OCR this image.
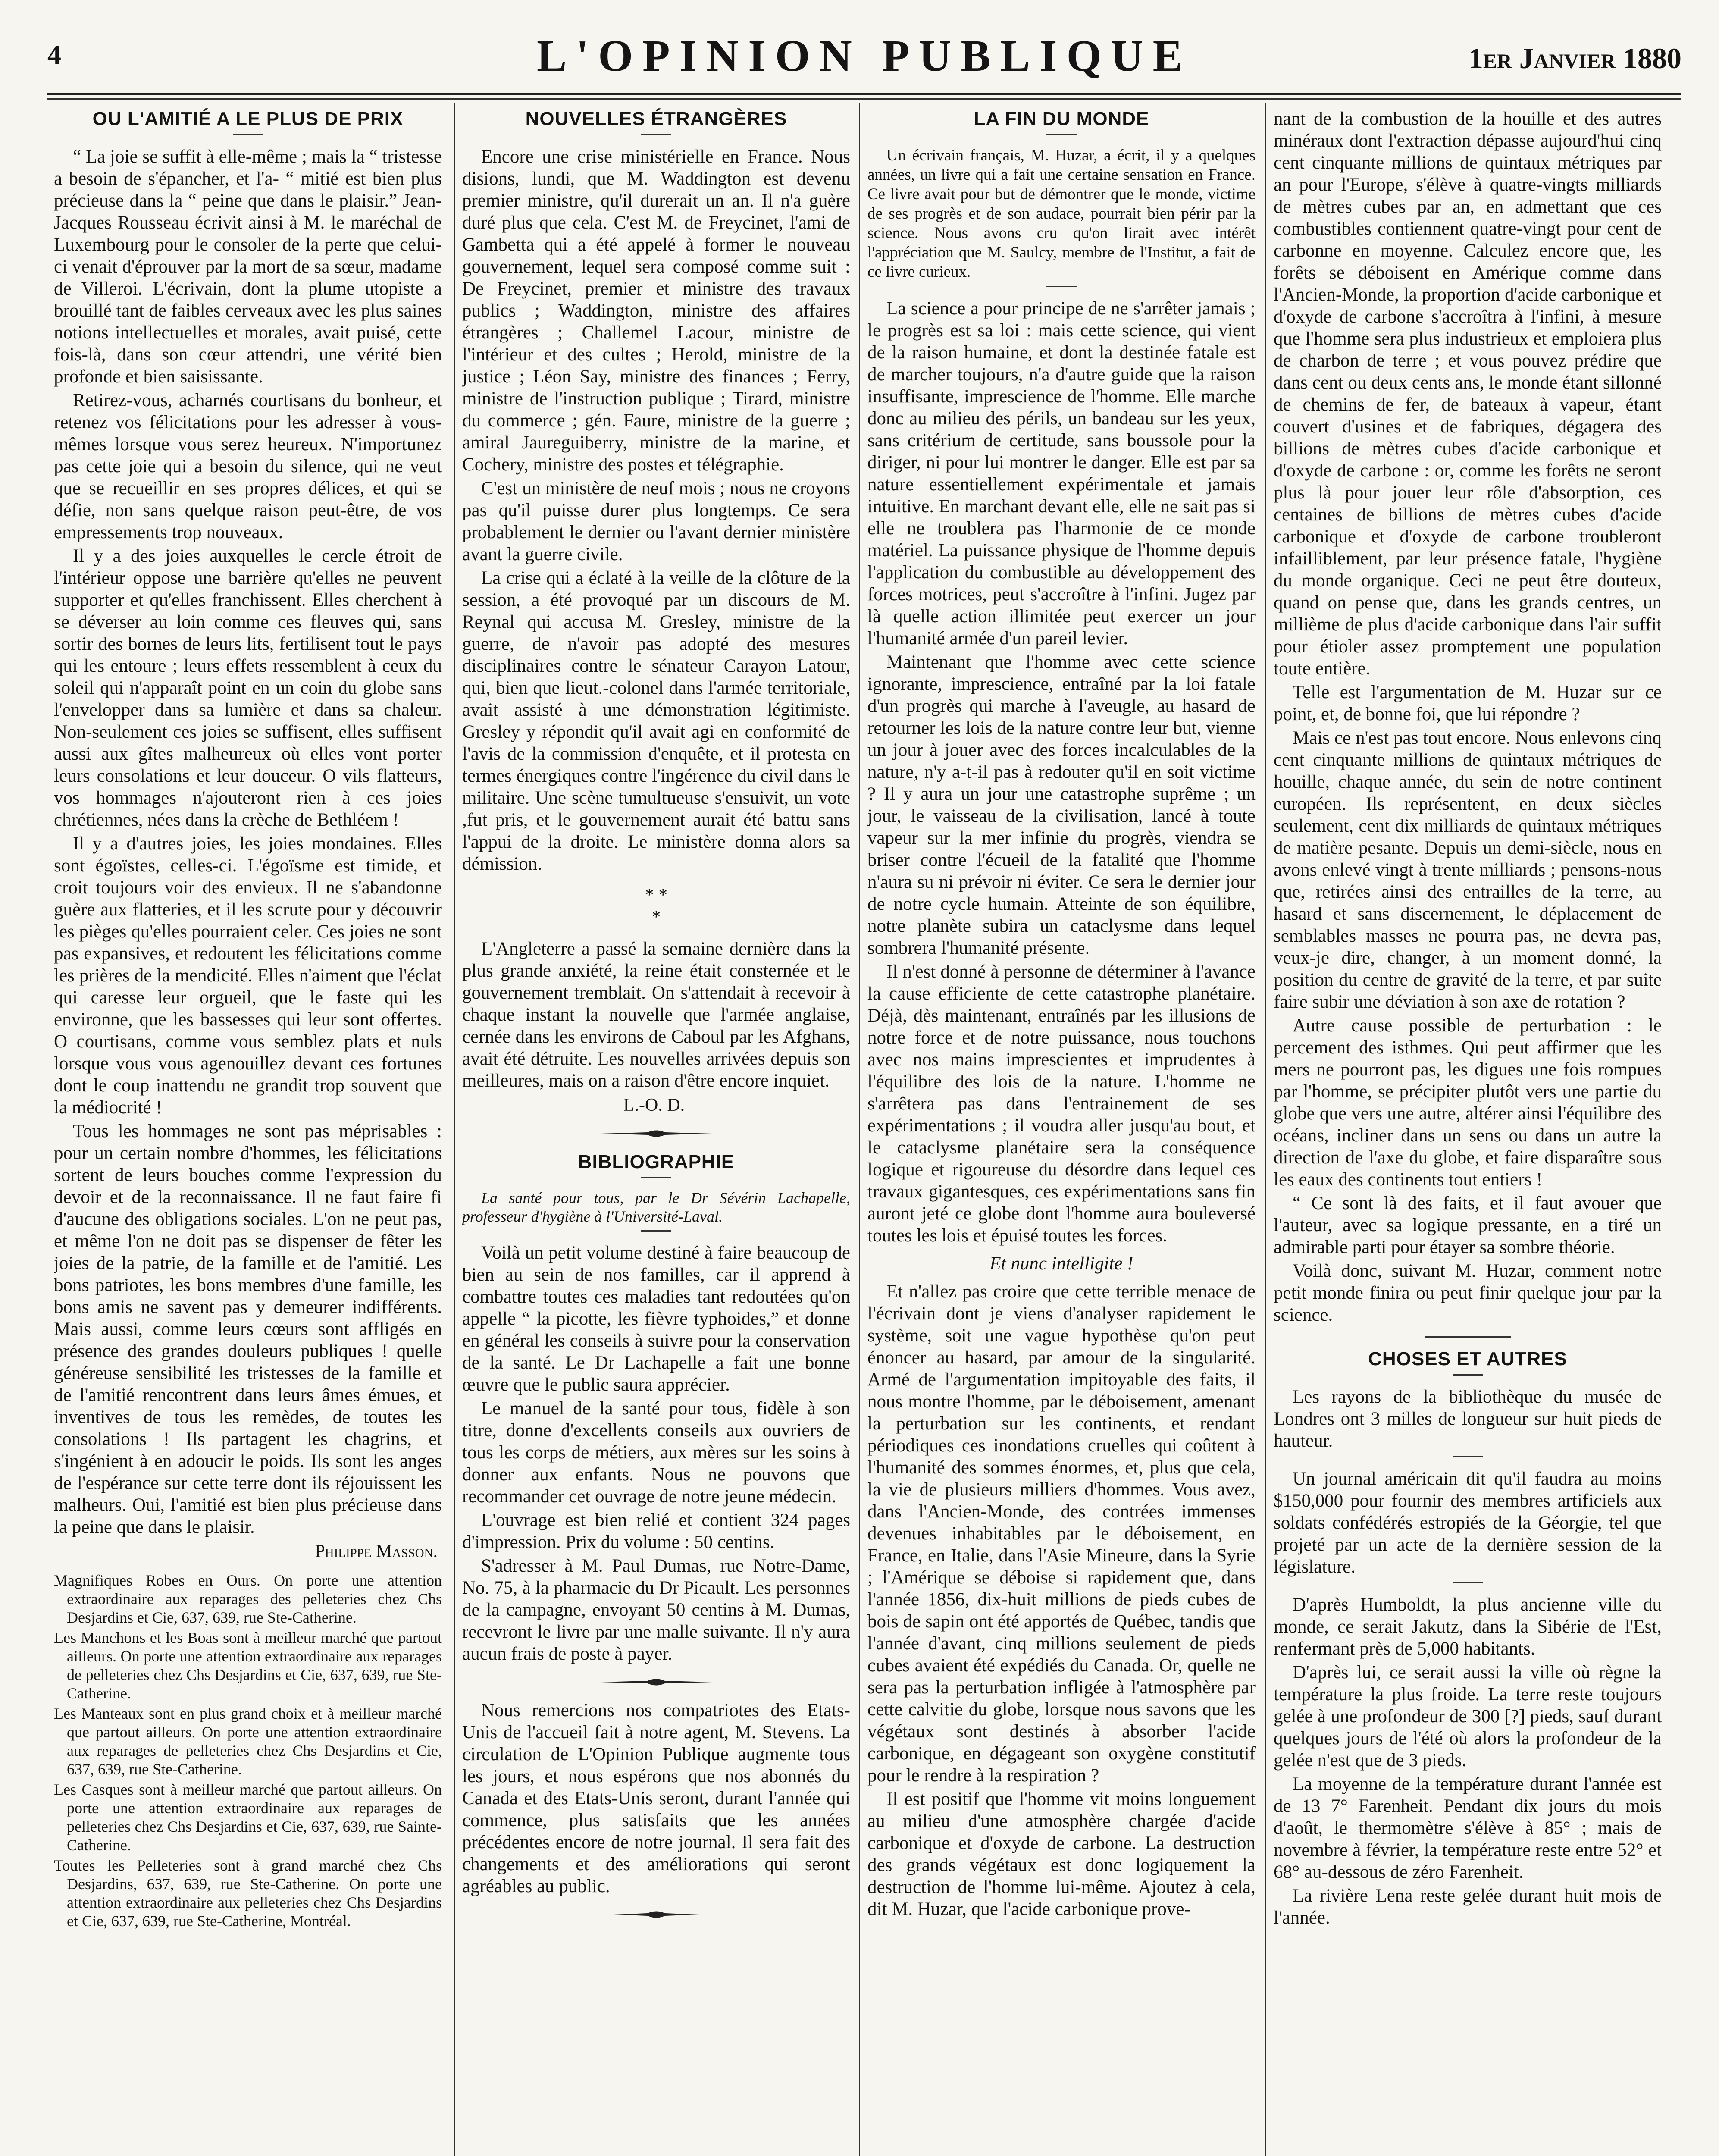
4	L'OPINION PUBLIQUE	1er Janvier 1880
OU L'AMITIÉ A LE PLUS DE PRIX

“ La joie se suffit à elle-même ; mais la “ tristesse a besoin de s'épancher, et l'a- “ mitié est bien plus précieuse dans la “ peine que dans le plaisir.” Jean-Jacques Rousseau écrivit ainsi à M. le maréchal de Luxembourg pour le consoler de la perte que celui-ci venait d'éprouver par la mort de sa sœur, madame de Villeroi. L'écrivain, dont la plume utopiste a brouillé tant de faibles cerveaux avec les plus saines notions intellectuelles et morales, avait puisé, cette fois-là, dans son cœur attendri, une vérité bien profonde et bien saisissante.

Retirez-vous, acharnés courtisans du bonheur, et retenez vos félicitations pour les adresser à vous-mêmes lorsque vous serez heureux. N'importunez pas cette joie qui a besoin du silence, qui ne veut que se recueillir en ses propres délices, et qui se défie, non sans quelque raison peut-être, de vos empressements trop nouveaux.

Il y a des joies auxquelles le cercle étroit de l'intérieur oppose une barrière qu'elles ne peuvent supporter et qu'elles franchissent. Elles cherchent à se déverser au loin comme ces fleuves qui, sans sortir des bornes de leurs lits, fertilisent tout le pays qui les entoure ; leurs effets ressemblent à ceux du soleil qui n'apparaît point en un coin du globe sans l'envelopper dans sa lumière et dans sa chaleur. Non-seulement ces joies se suffisent, elles suffisent aussi aux gîtes malheureux où elles vont porter leurs consolations et leur douceur. O vils flatteurs, vos hommages n'ajouteront rien à ces joies chrétiennes, nées dans la crèche de Bethléem !

Il y a d'autres joies, les joies mondaines. Elles sont égoïstes, celles-ci. L'égoïsme est timide, et croit toujours voir des envieux. Il ne s'abandonne guère aux flatteries, et il les scrute pour y découvrir les pièges qu'elles pourraient celer. Ces joies ne sont pas expansives, et redoutent les félicitations comme les prières de la mendicité. Elles n'aiment que l'éclat qui caresse leur orgueil, que le faste qui les environne, que les bassesses qui leur sont offertes. O courtisans, comme vous semblez plats et nuls lorsque vous vous agenouillez devant ces fortunes dont le coup inattendu ne grandit trop souvent que la médiocrité !

Tous les hommages ne sont pas méprisables : pour un certain nombre d'hommes, les félicitations sortent de leurs bouches comme l'expression du devoir et de la reconnaissance. Il ne faut faire fi d'aucune des obligations sociales. L'on ne peut pas, et même l'on ne doit pas se dispenser de fêter les joies de la patrie, de la famille et de l'amitié. Les bons patriotes, les bons membres d'une famille, les bons amis ne savent pas y demeurer indifférents. Mais aussi, comme leurs cœurs sont affligés en présence des grandes douleurs publiques ! quelle généreuse sensibilité les tristesses de la famille et de l'amitié rencontrent dans leurs âmes émues, et inventives de tous les remèdes, de toutes les consolations ! Ils partagent les chagrins, et s'ingénient à en adoucir le poids. Ils sont les anges de l'espérance sur cette terre dont ils réjouissent les malheurs. Oui, l'amitié est bien plus précieuse dans la peine que dans le plaisir.

Philippe Masson.

Magnifiques Robes en Ours. On porte une attention extraordinaire aux reparages des pelleteries chez Chs Desjardins et Cie, 637, 639, rue Ste-Catherine.

Les Manchons et les Boas sont à meilleur marché que partout ailleurs. On porte une attention extraordinaire aux reparages de pelleteries chez Chs Desjardins et Cie, 637, 639, rue Ste-Catherine.

Les Manteaux sont en plus grand choix et à meilleur marché que partout ailleurs. On porte une attention extraordinaire aux reparages de pelleteries chez Chs Desjardins et Cie, 637, 639, rue Ste-Catherine.

Les Casques sont à meilleur marché que partout ailleurs. On porte une attention extraordinaire aux reparages de pelleteries chez Chs Desjardins et Cie, 637, 639, rue Sainte-Catherine.

Toutes les Pelleteries sont à grand marché chez Chs Desjardins, 637, 639, rue Ste-Catherine. On porte une attention extraordinaire aux pelleteries chez Chs Desjardins et Cie, 637, 639, rue Ste-Catherine, Montréal.

NOUVELLES ÉTRANGÈRES

Encore une crise ministérielle en France. Nous disions, lundi, que M. Waddington est devenu premier ministre, qu'il durerait un an. Il n'a guère duré plus que cela. C'est M. de Freycinet, l'ami de Gambetta qui a été appelé à former le nouveau gouvernement, lequel sera composé comme suit : De Freycinet, premier et ministre des travaux publics ; Waddington, ministre des affaires étrangères ; Challemel Lacour, ministre de l'intérieur et des cultes ; Herold, ministre de la justice ; Léon Say, ministre des finances ; Ferry, ministre de l'instruction publique ; Tirard, ministre du commerce ; gén. Faure, ministre de la guerre ; amiral Jaureguiberry, ministre de la marine, et Cochery, ministre des postes et télégraphie.

C'est un ministère de neuf mois ; nous ne croyons pas qu'il puisse durer plus longtemps. Ce sera probablement le dernier ou l'avant dernier ministère avant la guerre civile.

La crise qui a éclaté à la veille de la clôture de la session, a été provoqué par un discours de M. Reynal qui accusa M. Gresley, ministre de la guerre, de n'avoir pas adopté des mesures disciplinaires contre le sénateur Carayon Latour, qui, bien que lieut.-colonel dans l'armée territoriale, avait assisté à une démonstration légitimiste. Gresley y répondit qu'il avait agi en conformité de l'avis de la commission d'enquête, et il protesta en termes énergiques contre l'ingérence du civil dans le militaire. Une scène tumultueuse s'ensuivit, un vote ,fut pris, et le gouvernement aurait été battu sans l'appui de la droite. Le ministère donna alors sa démission.

* *
*

L'Angleterre a passé la semaine dernière dans la plus grande anxiété, la reine était consternée et le gouvernement tremblait. On s'attendait à recevoir à chaque instant la nouvelle que l'armée anglaise, cernée dans les environs de Caboul par les Afghans, avait été détruite. Les nouvelles arrivées depuis son meilleures, mais on a raison d'être encore inquiet.

L.-O. D.

BIBLIOGRAPHIE

La santé pour tous, par le Dr Sévérin Lachapelle, professeur d'hygiène à l'Université-Laval.

Voilà un petit volume destiné à faire beaucoup de bien au sein de nos familles, car il apprend à combattre toutes ces maladies tant redoutées qu'on appelle “ la picotte, les fièvre typhoides,” et donne en général les conseils à suivre pour la conservation de la santé. Le Dr Lachapelle a fait une bonne œuvre que le public saura apprécier.

Le manuel de la santé pour tous, fidèle à son titre, donne d'excellents conseils aux ouvriers de tous les corps de métiers, aux mères sur les soins à donner aux enfants. Nous ne pouvons que recommander cet ouvrage de notre jeune médecin.

L'ouvrage est bien relié et contient 324 pages d'impression. Prix du volume : 50 centins.

S'adresser à M. Paul Dumas, rue Notre-Dame, No. 75, à la pharmacie du Dr Picault. Les personnes de la campagne, envoyant 50 centins à M. Dumas, recevront le livre par une malle suivante. Il n'y aura aucun frais de poste à payer.

Nous remercions nos compatriotes des Etats-Unis de l'accueil fait à notre agent, M. Stevens. La circulation de L'Opinion Publique augmente tous les jours, et nous espérons que nos abonnés du Canada et des Etats-Unis seront, durant l'année qui commence, plus satisfaits que les années précédentes encore de notre journal. Il sera fait des changements et des améliorations qui seront agréables au public.

LA FIN DU MONDE

Un écrivain français, M. Huzar, a écrit, il y a quelques années, un livre qui a fait une certaine sensation en France. Ce livre avait pour but de démontrer que le monde, victime de ses progrès et de son audace, pourrait bien périr par la science. Nous avons cru qu'on lirait avec intérêt l'appréciation que M. Saulcy, membre de l'Institut, a fait de ce livre curieux.

La science a pour principe de ne s'arrêter jamais ; le progrès est sa loi : mais cette science, qui vient de la raison humaine, et dont la destinée fatale est de marcher toujours, n'a d'autre guide que la raison insuffisante, imprescience de l'homme. Elle marche donc au milieu des périls, un bandeau sur les yeux, sans critérium de certitude, sans boussole pour la diriger, ni pour lui montrer le danger. Elle est par sa nature essentiellement expérimentale et jamais intuitive. En marchant devant elle, elle ne sait pas si elle ne troublera pas l'harmonie de ce monde matériel. La puissance physique de l'homme depuis l'application du combustible au développement des forces motrices, peut s'accroître à l'infini. Jugez par là quelle action illimitée peut exercer un jour l'humanité armée d'un pareil levier.

Maintenant que l'homme avec cette science ignorante, imprescience, entraîné par la loi fatale d'un progrès qui marche à l'aveugle, au hasard de retourner les lois de la nature contre leur but, vienne un jour à jouer avec des forces incalculables de la nature, n'y a-t-il pas à redouter qu'il en soit victime ? Il y aura un jour une catastrophe suprême ; un jour, le vaisseau de la civilisation, lancé à toute vapeur sur la mer infinie du progrès, viendra se briser contre l'écueil de la fatalité que l'homme n'aura su ni prévoir ni éviter. Ce sera le dernier jour de notre cycle humain. Atteinte de son équilibre, notre planète subira un cataclysme dans lequel sombrera l'humanité présente.

Il n'est donné à personne de déterminer à l'avance la cause efficiente de cette catastrophe planétaire. Déjà, dès maintenant, entraînés par les illusions de notre force et de notre puissance, nous touchons avec nos mains imprescientes et imprudentes à l'équilibre des lois de la nature. L'homme ne s'arrêtera pas dans l'entrainement de ses expérimentations ; il voudra aller jusqu'au bout, et le cataclysme planétaire sera la conséquence logique et rigoureuse du désordre dans lequel ces travaux gigantesques, ces expérimentations sans fin auront jeté ce globe dont l'homme aura bouleversé toutes les lois et épuisé toutes les forces.

Et nunc intelligite !

Et n'allez pas croire que cette terrible menace de l'écrivain dont je viens d'analyser rapidement le système, soit une vague hypothèse qu'on peut énoncer au hasard, par amour de la singularité. Armé de l'argumentation impitoyable des faits, il nous montre l'homme, par le déboisement, amenant la perturbation sur les continents, et rendant périodiques ces inondations cruelles qui coûtent à l'humanité des sommes énormes, et, plus que cela, la vie de plusieurs milliers d'hommes. Vous avez, dans l'Ancien-Monde, des contrées immenses devenues inhabitables par le déboisement, en France, en Italie, dans l'Asie Mineure, dans la Syrie ; l'Amérique se déboise si rapidement que, dans l'année 1856, dix-huit millions de pieds cubes de bois de sapin ont été apportés de Québec, tandis que l'année d'avant, cinq millions seulement de pieds cubes avaient été expédiés du Canada. Or, quelle ne sera pas la perturbation infligée à l'atmosphère par cette calvitie du globe, lorsque nous savons que les végétaux sont destinés à absorber l'acide carbonique, en dégageant son oxygène constitutif pour le rendre à la respiration ?

Il est positif que l'homme vit moins longuement au milieu d'une atmosphère chargée d'acide carbonique et d'oxyde de carbone. La destruction des grands végétaux est donc logiquement la destruction de l'homme lui-même. Ajoutez à cela, dit M. Huzar, que l'acide carbonique prove-

nant de la combustion de la houille et des autres minéraux dont l'extraction dépasse aujourd'hui cinq cent cinquante millions de quintaux métriques par an pour l'Europe, s'élève à quatre-vingts milliards de mètres cubes par an, en admettant que ces combustibles contiennent quatre-vingt pour cent de carbonne en moyenne. Calculez encore que, les forêts se déboisent en Amérique comme dans l'Ancien-Monde, la proportion d'acide carbonique et d'oxyde de carbone s'accroîtra à l'infini, à mesure que l'homme sera plus industrieux et emploiera plus de charbon de terre ; et vous pouvez prédire que dans cent ou deux cents ans, le monde étant sillonné de chemins de fer, de bateaux à vapeur, étant couvert d'usines et de fabriques, dégagera des billions de mètres cubes d'acide carbonique et d'oxyde de carbone : or, comme les forêts ne seront plus là pour jouer leur rôle d'absorption, ces centaines de billions de mètres cubes d'acide carbonique et d'oxyde de carbone troubleront infailliblement, par leur présence fatale, l'hygiène du monde organique. Ceci ne peut être douteux, quand on pense que, dans les grands centres, un millième de plus d'acide carbonique dans l'air suffit pour étioler assez promptement une population toute entière.

Telle est l'argumentation de M. Huzar sur ce point, et, de bonne foi, que lui répondre ?

Mais ce n'est pas tout encore. Nous enlevons cinq cent cinquante millions de quintaux métriques de houille, chaque année, du sein de notre continent européen. Ils représentent, en deux siècles seulement, cent dix milliards de quintaux métriques de matière pesante. Depuis un demi-siècle, nous en avons enlevé vingt à trente milliards ; pensons-nous que, retirées ainsi des entrailles de la terre, au hasard et sans discernement, le déplacement de semblables masses ne pourra pas, ne devra pas, veux-je dire, changer, à un moment donné, la position du centre de gravité de la terre, et par suite faire subir une déviation à son axe de rotation ?

Autre cause possible de perturbation : le percement des isthmes. Qui peut affirmer que les mers ne pourront pas, les digues une fois rompues par l'homme, se précipiter plutôt vers une partie du globe que vers une autre, altérer ainsi l'équilibre des océans, incliner dans un sens ou dans un autre la direction de l'axe du globe, et faire disparaître sous les eaux des continents tout entiers !

“ Ce sont là des faits, et il faut avouer que l'auteur, avec sa logique pressante, en a tiré un admirable parti pour étayer sa sombre théorie.

Voilà donc, suivant M. Huzar, comment notre petit monde finira ou peut finir quelque jour par la science.

CHOSES ET AUTRES

Les rayons de la bibliothèque du musée de Londres ont 3 milles de longueur sur huit pieds de hauteur.

Un journal américain dit qu'il faudra au moins $150,000 pour fournir des membres artificiels aux soldats confédérés estropiés de la Géorgie, tel que projeté par un acte de la dernière session de la législature.

D'après Humboldt, la plus ancienne ville du monde, ce serait Jakutz, dans la Sibérie de l'Est, renfermant près de 5,000 habitants.

D'après lui, ce serait aussi la ville où règne la température la plus froide. La terre reste toujours gelée à une profondeur de 300 [?] pieds, sauf durant quelques jours de l'été où alors la profondeur de la gelée n'est que de 3 pieds.

La moyenne de la température durant l'année est de 13 7° Farenheit. Pendant dix jours du mois d'août, le thermomètre s'élève à 85° ; mais de novembre à février, la température reste entre 52° et 68° au-dessous de zéro Farenheit.

La rivière Lena reste gelée durant huit mois de l'année.
